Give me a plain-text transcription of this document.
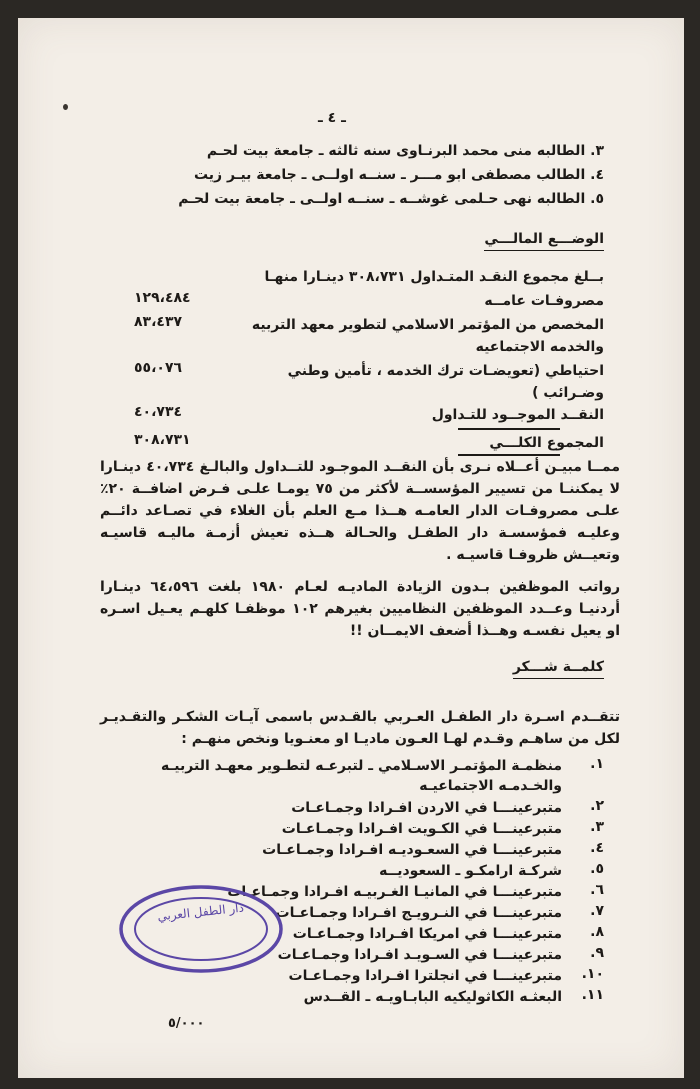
ـ ٤ ـ
٣. الطالبه منى محمد البرنـاوى سنه ثالثه ـ جامعة بيت لحـم
٤. الطالب مصطفى ابو مـــر ـ سنــه اولــى ـ جامعة بيـر زيت
٥. الطالبه نهى حـلمى غوشــه ـ سنــه اولــى ـ جامعة بيت لحـم
الوضـــع المالـــي
بــلغ مجموع النقـد المتـداول ٣٠٨،٧٣١ دينـارا منهـا
١٢٩،٤٨٤	مصروفـات عامــه
٨٣،٤٣٧	المخصص من المؤتمر الاسلامي لتطوير معهد التربيه والخدمه الاجتماعيه
٥٥،٠٧٦	احتياطي (تعويضـات ترك الخدمه ، تأمين وطني وضـرائب )
٤٠،٧٣٤	النقــد الموجــود للتـداول
٣٠٨،٧٣١	المجموع الكلـــي
ممــا مبيـن أعــلاه نـرى بأن النقــد الموجـود للتــداول والبالـغ ٤٠،٧٣٤ دينـارا لا يمكننـا من تسيير المؤسســة لأكثر من ٧٥ يومـا علـى فـرض اضافــة ٢٠٪ علـى مصروفـات الدار العامـه هــذا مـع العلم بأن الغلاء في تصـاعد دائــم وعليـه فمؤسسـة دار الطفـل والحـالة هــذه تعيش أزمـة ماليـه قاسيـه وتعيــش ظروفـا قاسيـه .
رواتب الموظفين بـدون الزيادة الماديـه لعـام ١٩٨٠ بلغت ٦٤،٥٩٦ دينـارا أردنيـا وعــدد الموظفين النظاميين بغيرهم ١٠٢ موظفـا كلهـم يعـيل اسـره او يعيل نفسـه وهــذا أضعف الايمــان !!
كلمــة شـــكر
تتقــدم اسـرة دار الطفـل العـربي بالقـدس باسمى آيـات الشكـر والتقـديـر لكل من ساهـم وقـدم لهـا العـون ماديـا او معنـويا ونخص منهـم :
١.
منظمـة المؤتمـر الاسـلامي ـ لتبرعـه لتطـوير معهـد التربيـه والخـدمـه الاجتماعيـه
٢.
متبرعينـــا في الاردن افـرادا وجمـاعـات
٣.
متبرعينـــا في الكـويت افـرادا وجمـاعـات
٤.
متبرعينـــا في السعـوديـه افـرادا وجمـاعـات
٥.
شركـة ارامكـو ـ السعوديــه
٦.
متبرعينـــا في المانيـا الغـربيـه افـرادا وجمـاعـات
٧.
متبرعينـــا في النـرويـج افـرادا وجمـاعـات
٨.
متبرعينـــا في امريكا افـرادا وجمـاعـات
٩.
متبرعينـــا في السـويـد افـرادا وجمـاعـات
١٠.
متبرعينـــا في انجلترا افـرادا وجمـاعـات
١١.
البعثـه الكاثوليكيه البابـاويـه ـ القــدس
دار الطفل العربي
٥/٠٠٠
